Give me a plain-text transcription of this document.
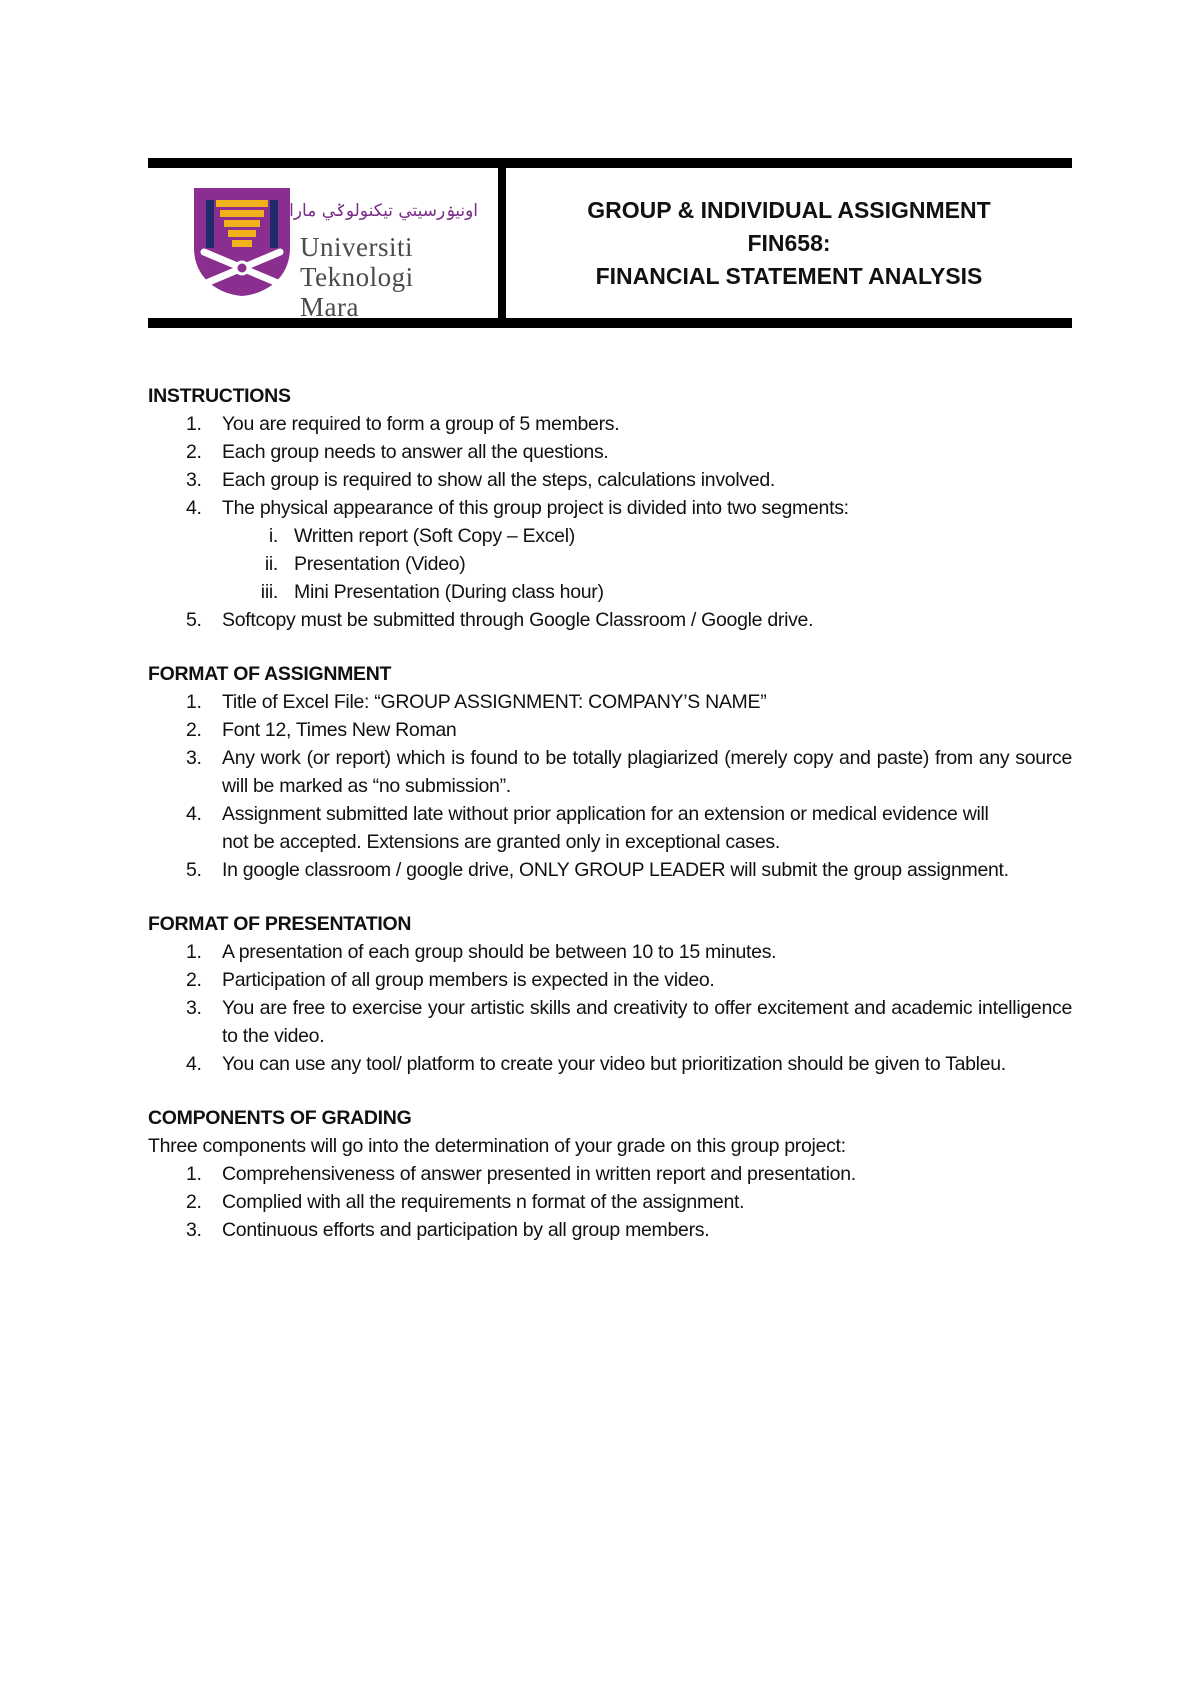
اونيۏرسيتي تيكنولوݢي مارا
Universiti
Teknologi
Mara
GROUP & INDIVIDUAL ASSIGNMENT
FIN658:
FINANCIAL STATEMENT ANALYSIS
INSTRUCTIONS
1.	You are required to form a group of 5 members.
2.	Each group needs to answer all the questions.
3.	Each group is required to show all the steps, calculations involved.
4.	The physical appearance of this group project is divided into two segments:
i. Written report (Soft Copy – Excel)
ii. Presentation (Video)
iii. Mini Presentation (During class hour)
5.	Softcopy must be submitted through Google Classroom / Google drive.
FORMAT OF ASSIGNMENT
1.	Title of Excel File: “GROUP ASSIGNMENT: COMPANY’S NAME”
2.	Font 12, Times New Roman
3.	Any work (or report) which is found to be totally plagiarized (merely copy and paste) from any source will be marked as “no submission”.
4.	Assignment submitted late without prior application for an extension or medical evidence will not be accepted. Extensions are granted only in exceptional cases.
5.	In google classroom / google drive, ONLY GROUP LEADER will submit the group assignment.
FORMAT OF PRESENTATION
1.	A presentation of each group should be between 10 to 15 minutes.
2.	Participation of all group members is expected in the video.
3.	You are free to exercise your artistic skills and creativity to offer excitement and academic intelligence to the video.
4.	You can use any tool/ platform to create your video but prioritization should be given to Tableu.
COMPONENTS OF GRADING
Three components will go into the determination of your grade on this group project:
1.	Comprehensiveness of answer presented in written report and presentation.
2.	Complied with all the requirements n format of the assignment.
3.	Continuous efforts and participation by all group members.
